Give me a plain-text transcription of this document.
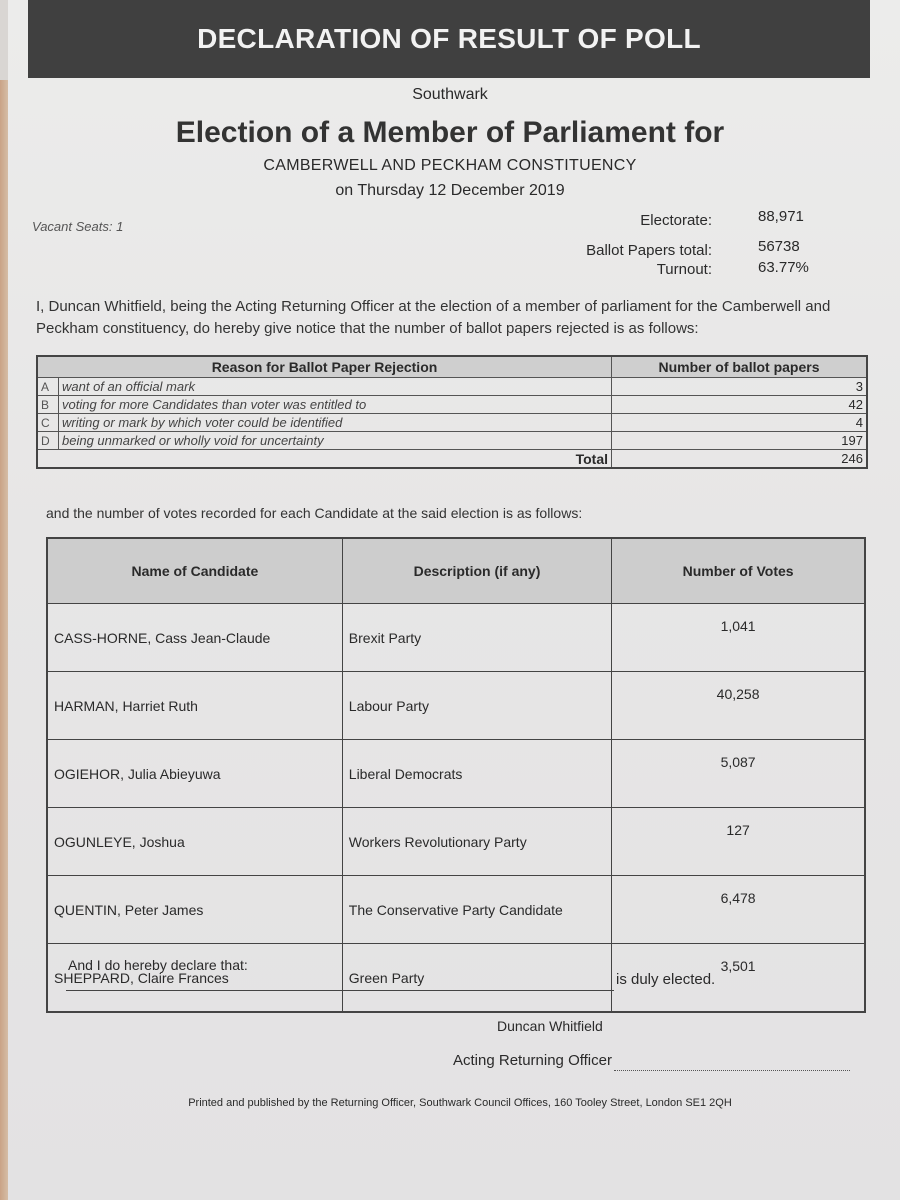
DECLARATION OF RESULT OF POLL
Southwark
Election of a Member of Parliament for
CAMBERWELL AND PECKHAM CONSTITUENCY
on Thursday 12 December 2019
Vacant Seats: 1	Electorate:	88,971
Ballot Papers total:	56738
Turnout:	63.77%
I, Duncan Whitfield, being the Acting Returning Officer at the election of a member of parliament for the Camberwell and Peckham constituency, do hereby give notice that the number of ballot papers rejected is as follows:
Reason for Ballot Paper Rejection		Number of ballot papers
A	want of an official mark	3
B	voting for more Candidates than voter was entitled to	42
C	writing or mark by which voter could be identified	4
D	being unmarked or wholly void for uncertainty	197
Total		246
and the number of votes recorded for each Candidate at the said election is as follows:
Name of Candidate	Description (if any)	Number of Votes
CASS-HORNE, Cass Jean-Claude	Brexit Party	1,041
HARMAN, Harriet Ruth	Labour Party	40,258
OGIEHOR, Julia Abieyuwa	Liberal Democrats	5,087
OGUNLEYE, Joshua	Workers Revolutionary Party	127
QUENTIN, Peter James	The Conservative Party Candidate	6,478
SHEPPARD, Claire Frances	Green Party	3,501
And I do hereby declare that:
is duly elected.
Duncan Whitfield
Acting Returning Officer
Printed and published by the Returning Officer, Southwark Council Offices, 160 Tooley Street, London SE1 2QH
